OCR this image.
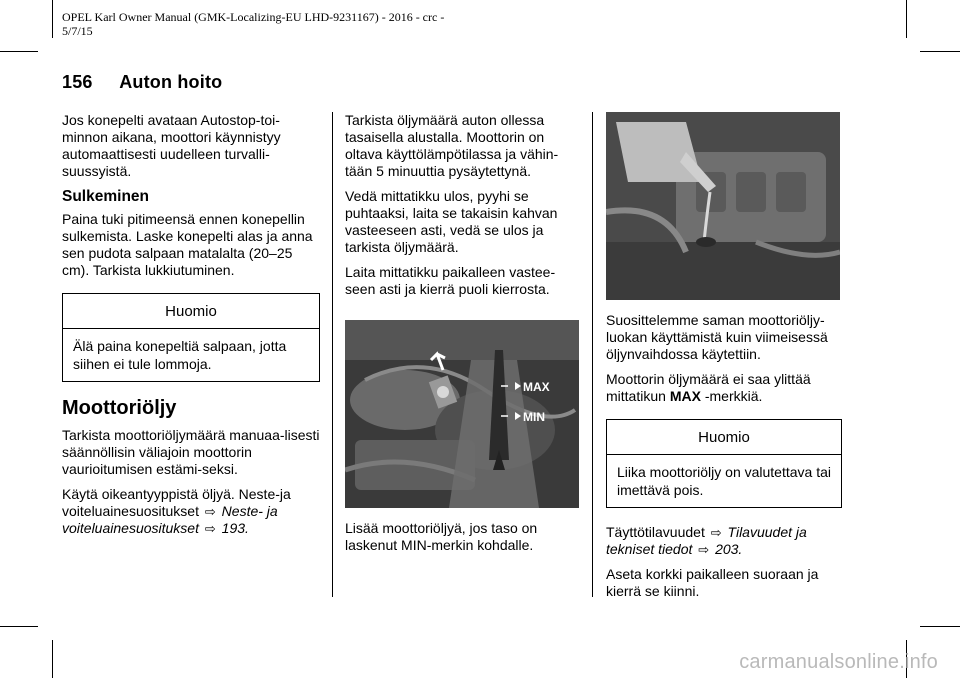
OPEL Karl Owner Manual (GMK-Localizing-EU LHD-9231167) - 2016 - crc -
5/7/15
156 Auton hoito

Jos konepelti avataan Autostop-toi-minnon aikana, moottori käynnistyy automaattisesti uudelleen turvalli-suussyistä.

Sulkeminen

Paina tuki pitimeensä ennen konepellin sulkemista. Laske konepelti alas ja anna sen pudota salpaan matalalta (20–25 cm). Tarkista lukkiutuminen.

Huomio
Älä paina konepeltiä salpaan, jotta siihen ei tule lommoja.
Moottoriöljy

Tarkista moottoriöljymäärä manuaa-lisesti säännöllisin väliajoin moottorin vaurioitumisen estämi-seksi.

Käytä oikeantyyppistä öljyä. Neste-ja voiteluainesuositukset ⇨ Neste- ja voiteluainesuositukset ⇨ 193.

Tarkista öljymäärä auton ollessa tasaisella alustalla. Moottorin on oltava käyttölämpötilassa ja vähin-tään 5 minuuttia pysäytettynä.

Vedä mittatikku ulos, pyyhi se puhtaaksi, laita se takaisin kahvan vasteeseen asti, vedä se ulos ja tarkista öljymäärä.

Laita mittatikku paikalleen vastee-seen asti ja kierrä puoli kierrosta.

MAX
MIN

Lisää moottoriöljyä, jos taso on laskenut MIN-merkin kohdalle.

Suosittelemme saman moottoriöljy-luokan käyttämistä kuin viimeisessä öljynvaihdossa käytettiin.

Moottorin öljymäärä ei saa ylittää mittatikun MAX -merkkiä.

Huomio
Liika moottoriöljy on valutettava tai imettävä pois.

Täyttötilavuudet ⇨ Tilavuudet ja tekniset tiedot ⇨ 203.

Aseta korkki paikalleen suoraan ja kierrä se kiinni.

carmanualsonline.info
